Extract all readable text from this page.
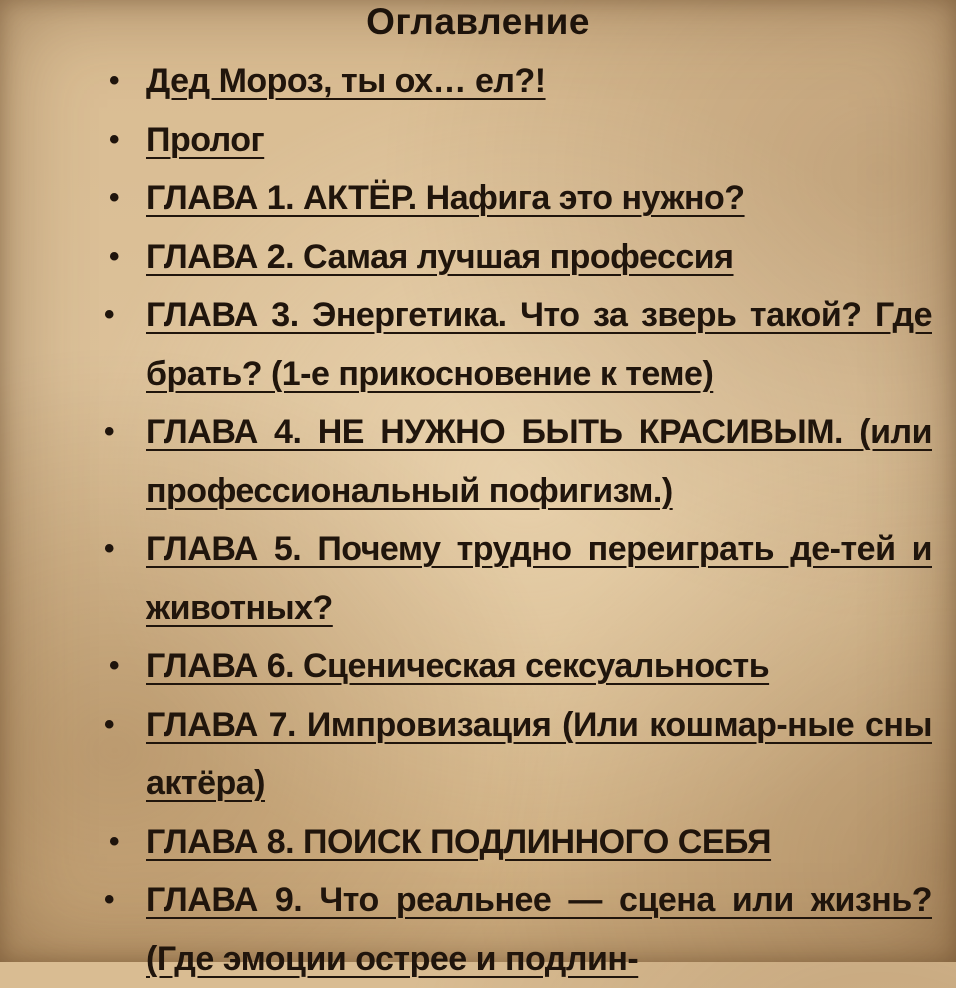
Оглавление
• Дед Мороз, ты ох… ел?!
• Пролог
• ГЛАВА 1. АКТЁР. Нафига это нужно?
• ГЛАВА 2. Самая лучшая профессия
• ГЛАВА 3. Энергетика. Что за зверь такой? Где брать? (1-е прикосновение к теме)
• ГЛАВА 4. НЕ НУЖНО БЫТЬ КРАСИВЫМ. (или профессиональный пофигизм.)
• ГЛАВА 5. Почему трудно переиграть де-тей и животных?
• ГЛАВА 6. Сценическая сексуальность
• ГЛАВА 7. Импровизация (Или кошмар-ные сны актёра)
• ГЛАВА 8. ПОИСК ПОДЛИННОГО СЕБЯ
• ГЛАВА 9. Что реальнее — сцена или жизнь? (Где эмоции острее и подлин-
